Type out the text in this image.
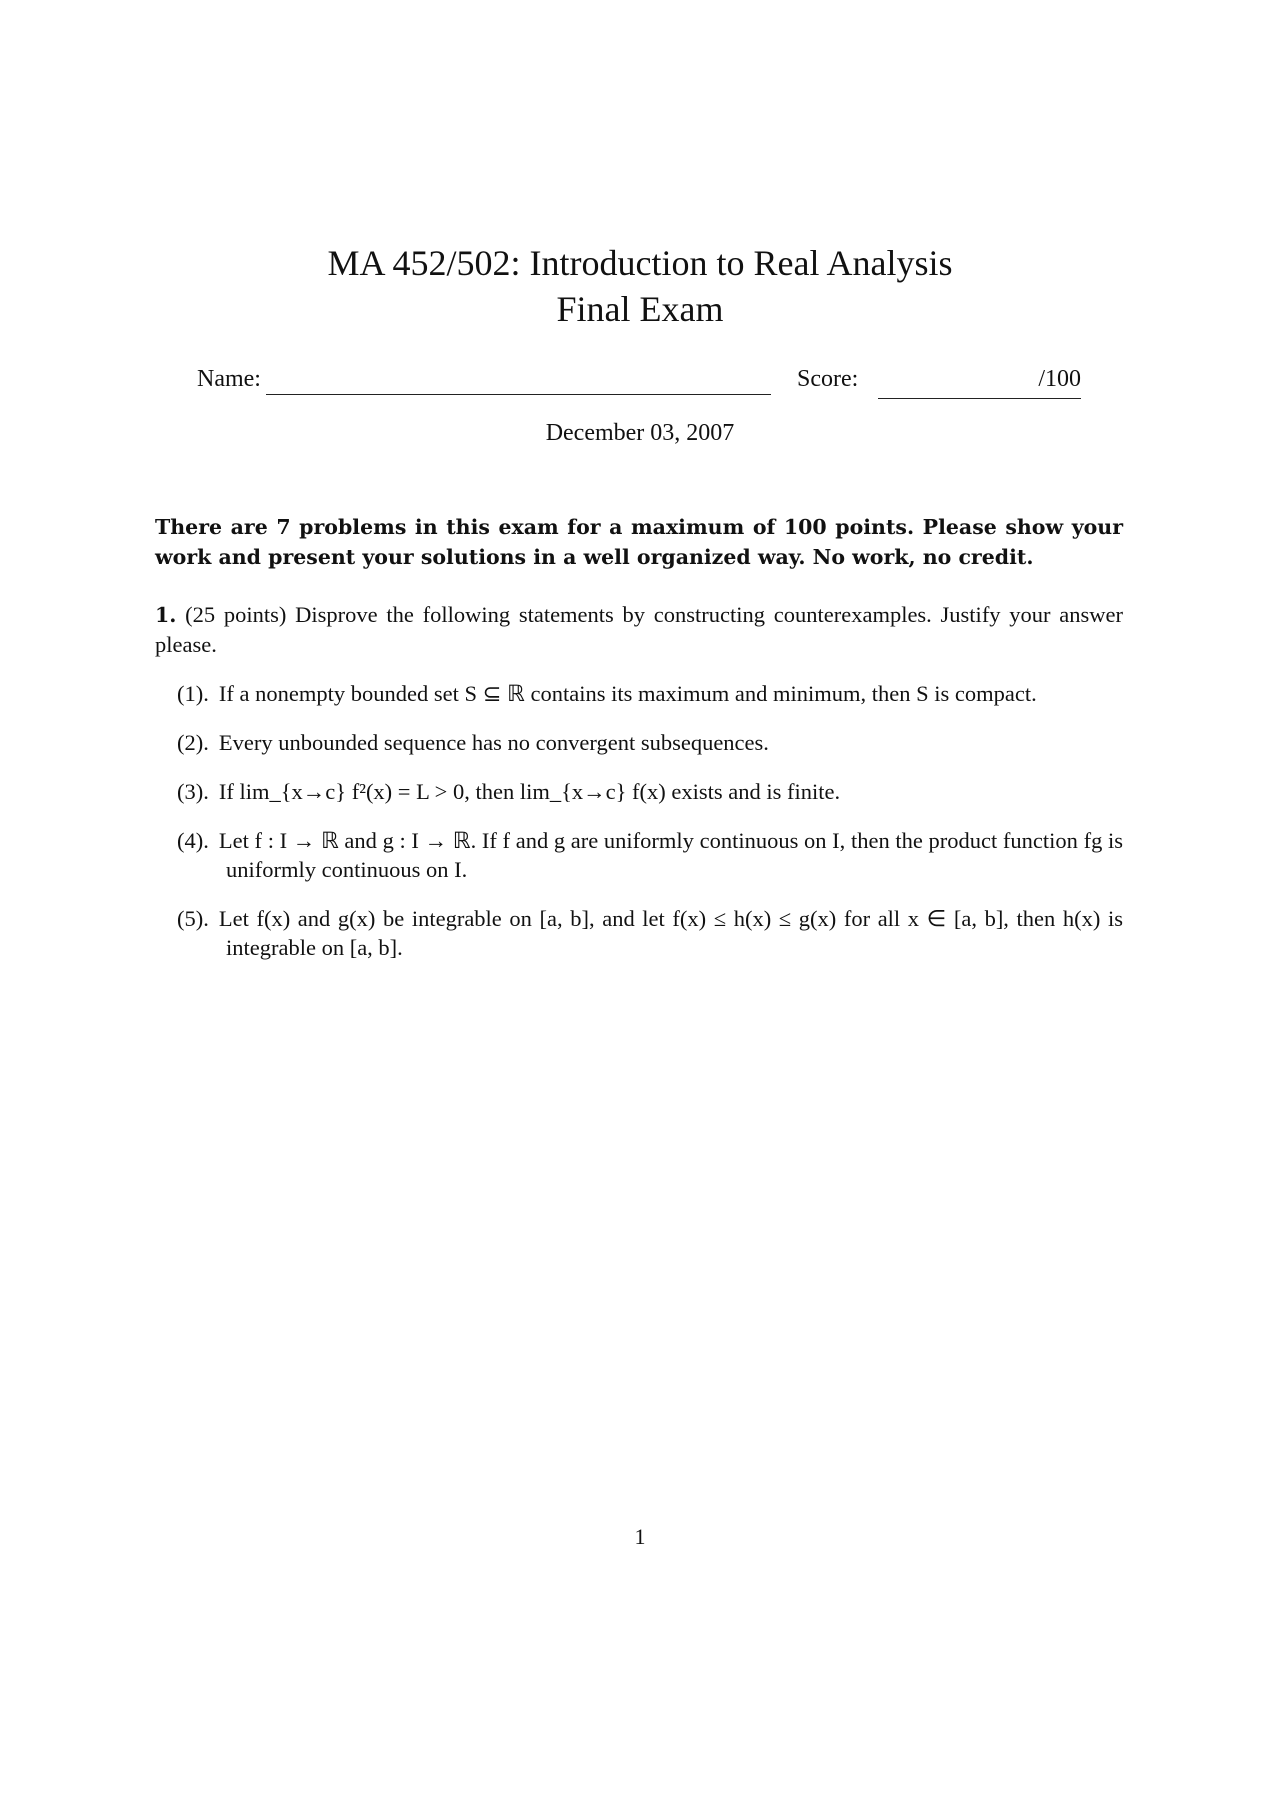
MA 452/502: Introduction to Real Analysis
Final Exam
Name:	Score:	/100
December 03, 2007
There are 7 problems in this exam for a maximum of 100 points. Please show your work and present your solutions in a well organized way. No work, no credit.
1. (25 points) Disprove the following statements by constructing counterexamples. Justify your answer please.
(1). If a nonempty bounded set S ⊆ ℝ contains its maximum and minimum, then S is compact.
(2). Every unbounded sequence has no convergent subsequences.
(3). If lim_{x→c} f²(x) = L > 0, then lim_{x→c} f(x) exists and is finite.
(4). Let f : I → ℝ and g : I → ℝ. If f and g are uniformly continuous on I, then the product function fg is uniformly continuous on I.
(5). Let f(x) and g(x) be integrable on [a, b], and let f(x) ≤ h(x) ≤ g(x) for all x ∈ [a, b], then h(x) is integrable on [a, b].
1
